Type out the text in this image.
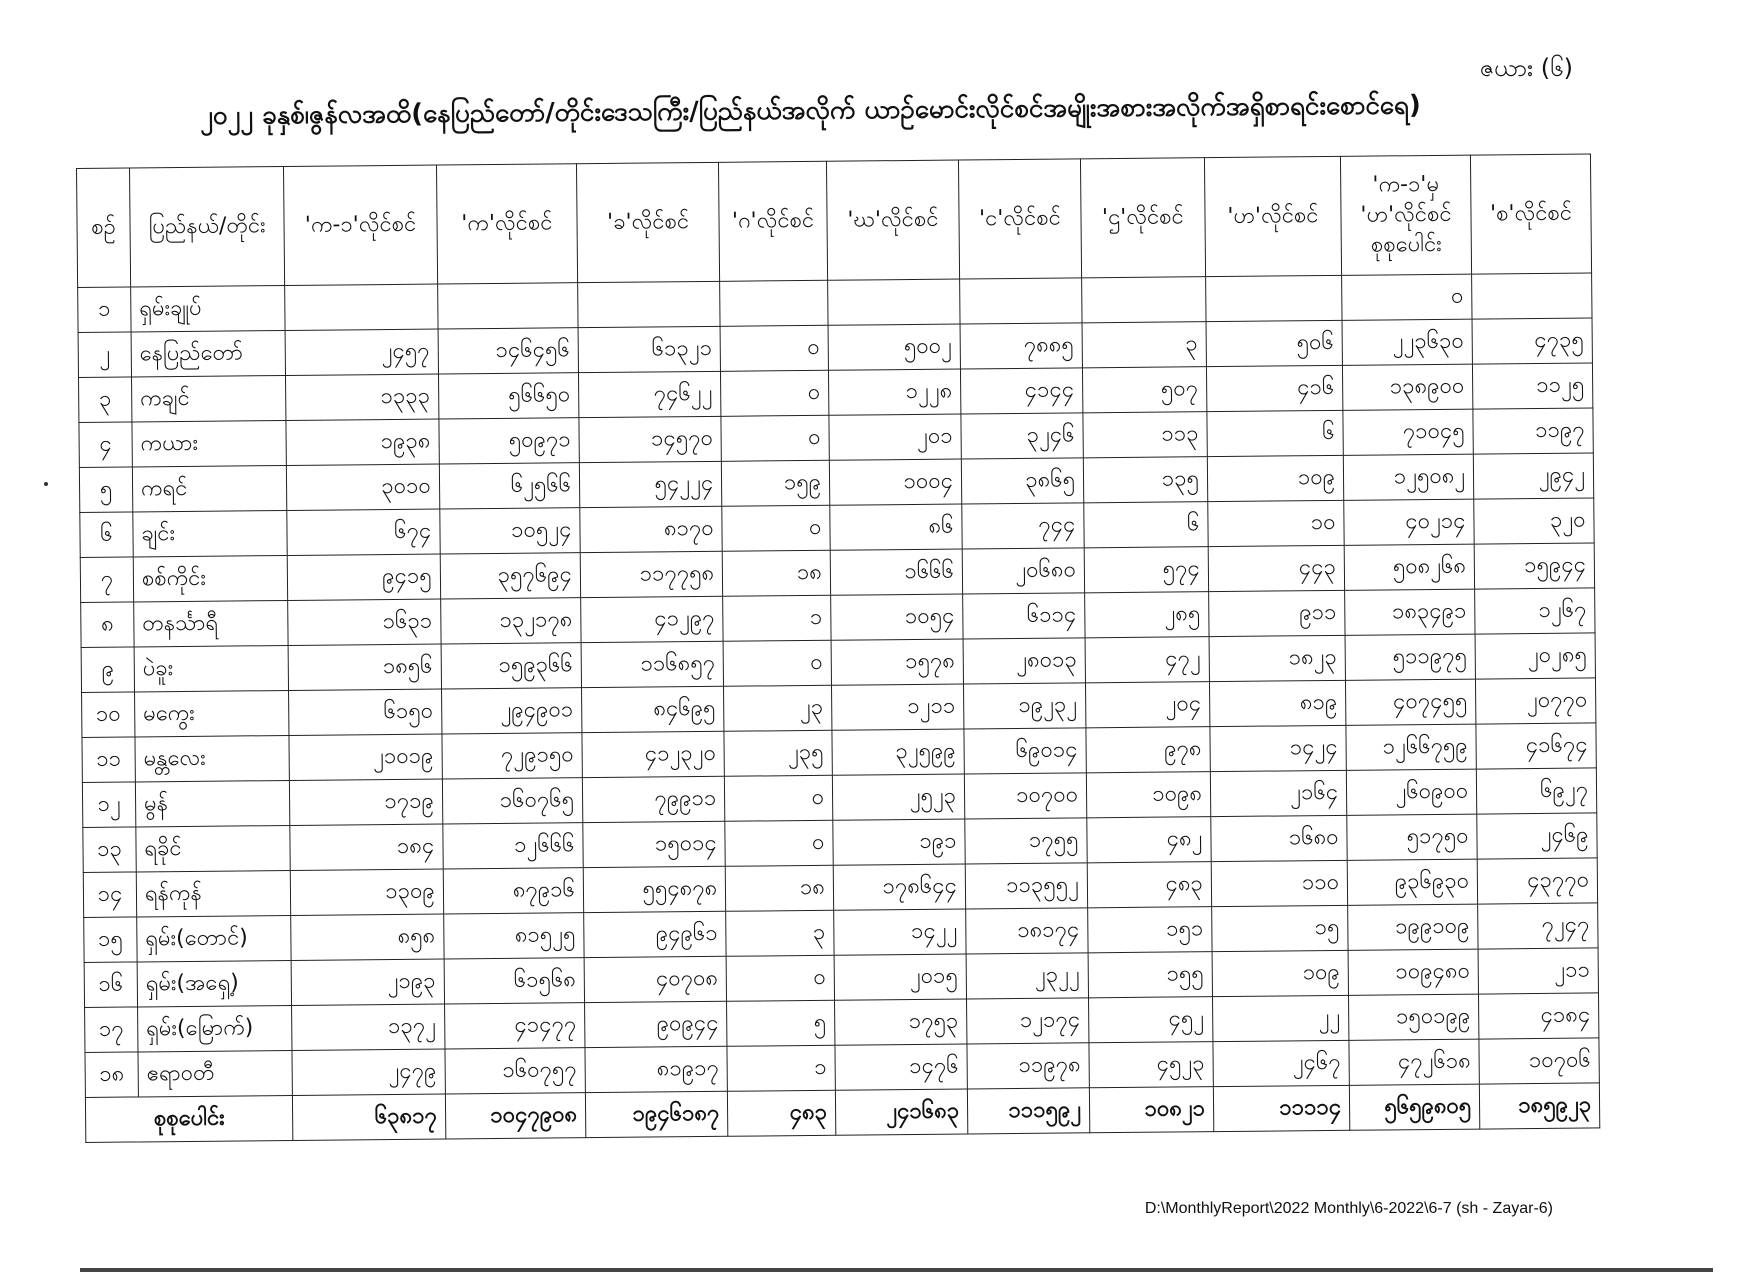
ဇယား (၆)
၂၀၂၂ ခုနှစ်၊ဇွန်လအထိ(နေပြည်တော်/တိုင်းဒေသကြီး/ပြည်နယ်အလိုက် ယာဉ်မောင်းလိုင်စင်အမျိုးအစားအလိုက်အရှိစာရင်းစောင်ရေ)
စဉ်	ပြည်နယ်/တိုင်း	'က-၁'လိုင်စင်	'က'လိုင်စင်	'ခ'လိုင်စင်	'ဂ'လိုင်စင်	'ဃ'လိုင်စင်	'င'လိုင်စင်	'ဌ'လိုင်စင်	'ဟ'လိုင်စင်	'က-၁'မှ 'ဟ'လိုင်စင် စုစုပေါင်း	'စ'လိုင်စင်
၁	ရှမ်းချုပ်									၀	
၂	နေပြည်တော်	၂၄၅၇	၁၄၆၄၅၆	၆၁၃၂၁	၀	၅၀၀၂	၇၈၈၅	၃	၅၀၆	၂၂၃၆၃၀	၄၇၃၅
၃	ကချင်	၁၃၃၃	၅၆၆၅၀	၇၄၆၂၂	၀	၁၂၂၈	၄၁၄၄	၅၀၇	၄၁၆	၁၃၈၉၀၀	၁၁၂၅
၄	ကယား	၁၉၃၈	၅၀၉၇၁	၁၄၅၇၀	၀	၂၀၁	၃၂၄၆	၁၁၃	၆	၇၁၀၄၅	၁၁၉၇
၅	ကရင်	၃၀၁၀	၆၂၅၆၆	၅၄၂၂၄	၁၅၉	၁၀၀၄	၃၈၆၅	၁၃၅	၁၀၉	၁၂၅၀၈၂	၂၉၄၂
၆	ချင်း	၆၇၄	၁၀၅၂၄	၈၁၇၀	၀	၈၆	၇၄၄	၆	၁၀	၄၀၂၁၄	၃၂၀
၇	စစ်ကိုင်း	၉၄၁၅	၃၅၇၆၉၄	၁၁၇၇၅၈	၁၈	၁၆၆၆	၂၀၆၈၀	၅၇၄	၄၄၃	၅၀၈၂၆၈	၁၅၉၄၄
၈	တနင်္သာရီ	၁၆၃၁	၁၃၂၁၇၈	၄၁၂၉၇	၁	၁၀၅၄	၆၁၁၄	၂၈၅	၉၁၁	၁၈၃၄၉၁	၁၂၆၇
၉	ပဲခူး	၁၈၅၆	၁၅၉၃၆၆	၁၁၆၈၅၇	၀	၁၅၇၈	၂၈၀၁၃	၄၇၂	၁၈၂၃	၅၁၁၉၇၅	၂၀၂၈၅
၁၀	မကွေး	၆၁၅၀	၂၉၄၉၀၁	၈၄၆၉၅	၂၃	၁၂၁၁	၁၉၂၃၂	၂၀၄	၈၁၉	၄၀၇၄၅၅	၂၀၇၇၀
၁၁	မန္တလေး	၂၁၀၁၉	၇၂၉၁၅၀	၄၁၂၃၂၀	၂၃၅	၃၂၅၉၉	၆၉၀၁၄	၉၇၈	၁၄၂၄	၁၂၆၆၇၅၉	၄၁၆၇၄
၁၂	မွန်	၁၇၁၉	၁၆၀၇၆၅	၇၉၉၁၁	၀	၂၅၂၃	၁၀၇၀၀	၁၀၉၈	၂၁၆၄	၂၆၀၉၀၀	၆၉၂၇
၁၃	ရခိုင်	၁၈၄	၁၂၆၆၆	၁၅၀၁၄	၀	၁၉၁	၁၇၅၅	၄၈၂	၁၆၈၀	၅၁၇၅၀	၂၄၆၉
၁၄	ရန်ကုန်	၁၃၀၉	၈၇၉၁၆	၅၅၄၈၇၈	၁၈	၁၇၈၆၄၄	၁၁၃၅၅၂	၄၈၃	၁၁၀	၉၃၆၉၃၀	၄၃၇၇၀
၁၅	ရှမ်း(တောင်)	၈၅၈	၈၁၅၂၅	၉၄၉၆၁	၃	၁၄၂၂	၁၈၁၇၄	၁၅၁	၁၅	၁၉၉၁၀၉	၇၂၄၇
၁၆	ရှမ်း(အရှေ့)	၂၁၉၃	၆၁၅၆၈	၄၀၇၀၈	၀	၂၀၁၅	၂၃၂၂	၁၅၅	၁၀၉	၁၀၉၄၈၀	၂၁၁
၁၇	ရှမ်း(မြောက်)	၁၃၇၂	၄၁၄၇၇	၉၀၉၄၄	၅	၁၇၅၃	၁၂၁၇၄	၄၅၂	၂၂	၁၅၀၁၉၉	၄၁၈၄
၁၈	ဧရာဝတီ	၂၄၇၉	၁၆၀၇၅၇	၈၁၉၁၇	၁	၁၄၇၆	၁၁၉၇၈	၄၅၂၃	၂၄၆၇	၄၇၂၆၁၈	၁၀၇၀၆
စုစုပေါင်း		၆၃၈၁၇	၁၀၄၇၉၀၈	၁၉၄၆၁၈၇	၄၈၃	၂၄၁၆၈၃	၁၁၁၅၉၂	၁၀၈၂၁	၁၁၁၁၄	၅၆၅၉၈၀၅	၁၈၅၉၂၃
D:\MonthlyReport\2022 Monthly\6-2022\6-7 (sh - Zayar-6)
